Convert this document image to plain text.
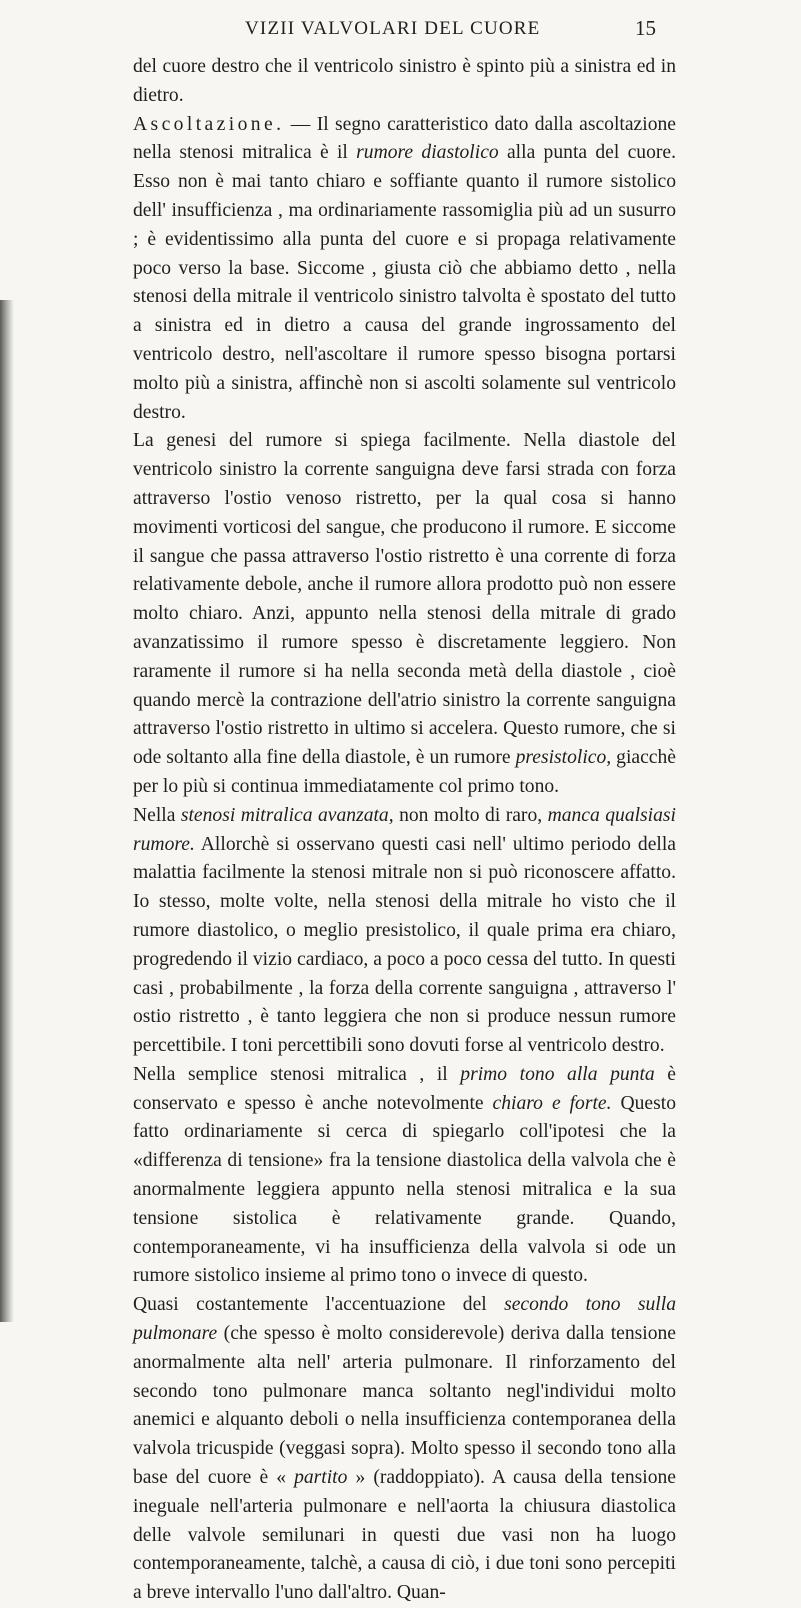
VIZII VALVOLARI DEL CUORE	15

del cuore destro che il ventricolo sinistro è spinto più a sinistra ed in dietro.

Ascoltazione. — Il segno caratteristico dato dalla ascoltazione nella stenosi mitralica è il rumore diastolico alla punta del cuore. Esso non è mai tanto chiaro e soffiante quanto il rumore sistolico dell' insufficienza , ma ordinariamente rassomiglia più ad un susurro ; è evidentissimo alla punta del cuore e si propaga relativamente poco verso la base. Siccome , giusta ciò che abbiamo detto , nella stenosi della mitrale il ventricolo sinistro talvolta è spostato del tutto a sinistra ed in dietro a causa del grande ingrossamento del ventricolo destro, nell'ascoltare il rumore spesso bisogna portarsi molto più a sinistra, affinchè non si ascolti solamente sul ventricolo destro.

La genesi del rumore si spiega facilmente. Nella diastole del ventricolo sinistro la corrente sanguigna deve farsi strada con forza attraverso l'ostio venoso ristretto, per la qual cosa si hanno movimenti vorticosi del sangue, che producono il rumore. E siccome il sangue che passa attraverso l'ostio ristretto è una corrente di forza relativamente debole, anche il rumore allora prodotto può non essere molto chiaro. Anzi, appunto nella stenosi della mitrale di grado avanzatissimo il rumore spesso è discretamente leggiero. Non raramente il rumore si ha nella seconda metà della diastole , cioè quando mercè la contrazione dell'atrio sinistro la corrente sanguigna attraverso l'ostio ristretto in ultimo si accelera. Questo rumore, che si ode soltanto alla fine della diastole, è un rumore presistolico, giacchè per lo più si continua immediatamente col primo tono.

Nella stenosi mitralica avanzata, non molto di raro, manca qualsiasi rumore. Allorchè si osservano questi casi nell' ultimo periodo della malattia facilmente la stenosi mitrale non si può riconoscere affatto. Io stesso, molte volte, nella stenosi della mitrale ho visto che il rumore diastolico, o meglio presistolico, il quale prima era chiaro, progredendo il vizio cardiaco, a poco a poco cessa del tutto. In questi casi , probabilmente , la forza della corrente sanguigna , attraverso l' ostio ristretto , è tanto leggiera che non si produce nessun rumore percettibile. I toni percettibili sono dovuti forse al ventricolo destro.

Nella semplice stenosi mitralica , il primo tono alla punta è conservato e spesso è anche notevolmente chiaro e forte. Questo fatto ordinariamente si cerca di spiegarlo coll'ipotesi che la «differenza di tensione» fra la tensione diastolica della valvola che è anormalmente leggiera appunto nella stenosi mitralica e la sua tensione sistolica è relativamente grande. Quando, contemporaneamente, vi ha insufficienza della valvola si ode un rumore sistolico insieme al primo tono o invece di questo.

Quasi costantemente l'accentuazione del secondo tono sulla pulmonare (che spesso è molto considerevole) deriva dalla tensione anormalmente alta nell' arteria pulmonare. Il rinforzamento del secondo tono pulmonare manca soltanto negl'individui molto anemici e alquanto deboli o nella insufficienza contemporanea della valvola tricuspide (veggasi sopra). Molto spesso il secondo tono alla base del cuore è « partito » (raddoppiato). A causa della tensione ineguale nell'arteria pulmonare e nell'aorta la chiusura diastolica delle valvole semilunari in questi due vasi non ha luogo contemporaneamente, talchè, a causa di ciò, i due toni sono percepiti a breve intervallo l'uno dall'altro. Quan-
